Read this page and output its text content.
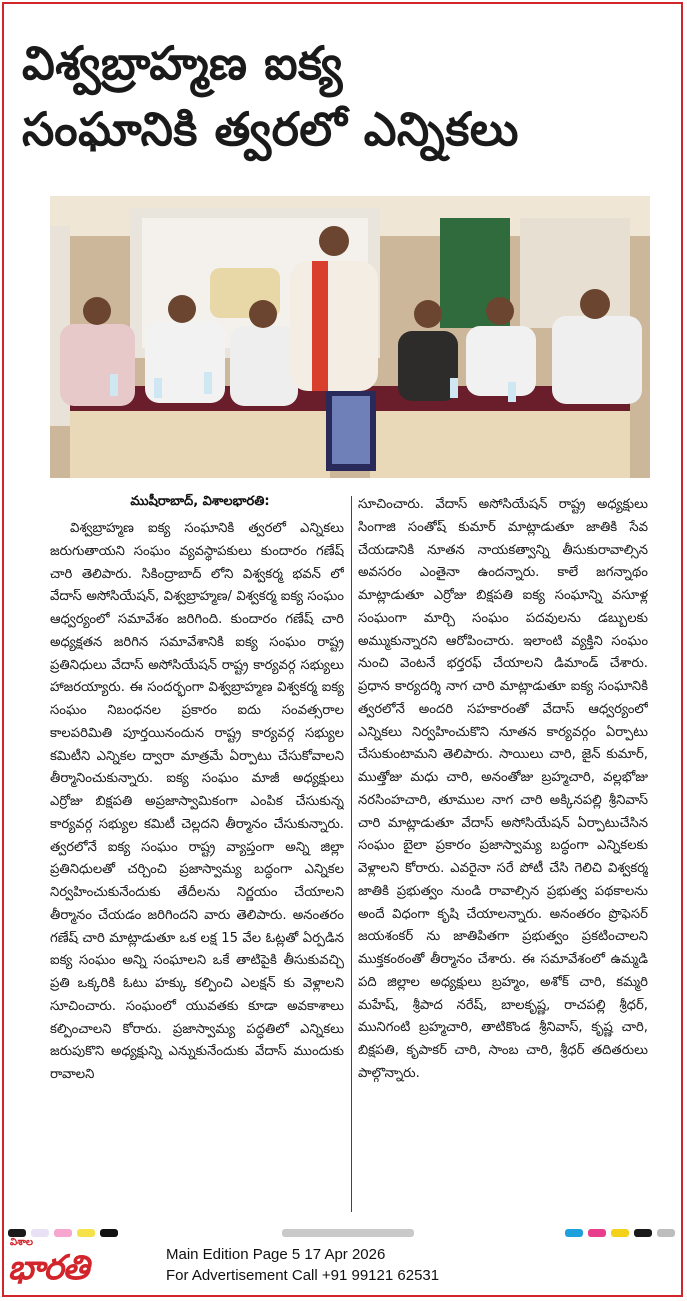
విశ్వబ్రాహ్మణ ఐక్య
సంఘానికి త్వరలో ఎన్నికలు
ముషీరాబాద్, విశాలభారతి:

విశ్వబ్రాహ్మణ ఐక్య సంఘానికి త్వరలో ఎన్నికలు జరుగుతాయని సంఘం వ్యవస్థాపకులు కుందారం గణేష్ చారి తెలిపారు. సికింద్రాబాద్ లోని విశ్వకర్మ భవన్ లో వేదాస్ అసోసియేషన్, విశ్వబ్రాహ్మణ/ విశ్వకర్మ ఐక్య సంఘం ఆధ్వర్యంలో సమావేశం జరిగింది. కుందారం గణేష్ చారి అధ్యక్షతన జరిగిన సమావేశానికి ఐక్య సంఘం రాష్ట్ర ప్రతినిధులు వేదాస్ అసోసియేషన్ రాష్ట్ర కార్యవర్గ సభ్యులు హాజరయ్యారు. ఈ సందర్భంగా విశ్వబ్రాహ్మణ విశ్వకర్మ ఐక్య సంఘం నిబంధనల ప్రకారం ఐదు సంవత్సరాల కాలపరిమితి పూర్తయినందున రాష్ట్ర కార్యవర్గ సభ్యుల కమిటీని ఎన్నికల ద్వారా మాత్రమే ఏర్పాటు చేసుకోవాలని తీర్మానించుకున్నారు. ఐక్య సంఘం మాజీ అధ్యక్షులు ఎర్రోజు బిక్షపతి అప్రజాస్వామికంగా ఎంపిక చేసుకున్న కార్యవర్గ సభ్యుల కమిటీ చెల్లదని తీర్మానం చేసుకున్నారు. త్వరలోనే ఐక్య సంఘం రాష్ట్ర వ్యాప్తంగా అన్ని జిల్లా ప్రతినిధులతో చర్చించి ప్రజాస్వామ్య బద్ధంగా ఎన్నికల నిర్వహించుకునేందుకు తేదీలను నిర్ణయం చేయాలని తీర్మానం చేయడం జరిగిందని వారు తెలిపారు. అనంతరం గణేష్ చారి మాట్లాడుతూ ఒక లక్ష 15 వేల ఓట్లతో ఏర్పడిన ఐక్య సంఘం అన్ని సంఘాలని ఒకే తాటిపైకి తీసుకువచ్చి ప్రతి ఒక్కరికి ఓటు హక్కు కల్పించి ఎలక్షన్ కు వెళ్లాలని సూచించారు. సంఘంలో యువతకు కూడా అవకాశాలు కల్పించాలని కోరారు. ప్రజాస్వామ్య పద్ధతిలో ఎన్నికలు జరుపుకొని అధ్యక్షున్ని ఎన్నుకునేందుకు వేదాస్ ముందుకు రావాలని

సూచించారు. వేదాస్ అసోసియేషన్ రాష్ట్ర అధ్యక్షులు సింగాజి సంతోష్ కుమార్ మాట్లాడుతూ జాతికి సేవ చేయడానికి నూతన నాయకత్వాన్ని తీసుకురావాల్సిన అవసరం ఎంతైనా ఉందన్నారు. కాలే జగన్నాథం మాట్లాడుతూ ఎర్రోజు బిక్షపతి ఐక్య సంఘాన్ని వసూళ్ల సంఘంగా మార్చి సంఘం పదవులను డబ్బులకు అమ్ముకున్నారని ఆరోపించారు. ఇలాంటి వ్యక్తిని సంఘం నుంచి వెంటనే భర్తరఫ్ చేయాలని డిమాండ్ చేశారు. ప్రధాన కార్యదర్శి నాగ చారి మాట్లాడుతూ ఐక్య సంఘానికి త్వరలోనే అందరి సహకారంతో వేదాస్ ఆధ్వర్యంలో ఎన్నికలు నిర్వహించుకొని నూతన కార్యవర్గం ఏర్పాటు చేసుకుంటామని తెలిపారు. సాయిలు చారి, జైన్ కుమార్, ముత్తోజు మధు చారి, అనంతోజు బ్రహ్మచారి, వల్లభోజు నరసింహచారి, తూముల నాగ చారి అక్కినపల్లి శ్రీనివాస్ చారి మాట్లాడుతూ వేదాస్ అసోసియేషన్ ఏర్పాటుచేసిన సంఘం బైలా ప్రకారం ప్రజాస్వామ్య బద్ధంగా ఎన్నికలకు వెళ్లాలని కోరారు. ఎవరైనా సరే పోటీ చేసి గెలిచి విశ్వకర్మ జాతికి ప్రభుత్వం నుండి రావాల్సిన ప్రభుత్వ పథకాలను అందే విధంగా కృషి చేయాలన్నారు. అనంతరం ప్రొఫెసర్ జయశంకర్ ను జాతిపితగా ప్రభుత్వం ప్రకటించాలని ముక్తకంఠంతో తీర్మానం చేశారు. ఈ సమావేశంలో ఉమ్మడి పది జిల్లాల అధ్యక్షులు బ్రహ్మం, అశోక్ చారి, కమ్మరి మహేష్, శ్రీపాద నరేష్, బాలకృష్ణ, రాచపల్లి శ్రీధర్, మునిగంటి బ్రహ్మచారి, తాటికొండ శ్రీనివాస్, కృష్ణ చారి, బిక్షపతి, కృపాకర్ చారి, సాంబ చారి, శ్రీధర్ తదితరులు పాల్గొన్నారు.

విశాల
భారతి	Main Edition Page 5 17 Apr 2026
For Advertisement Call +91 99121 62531
